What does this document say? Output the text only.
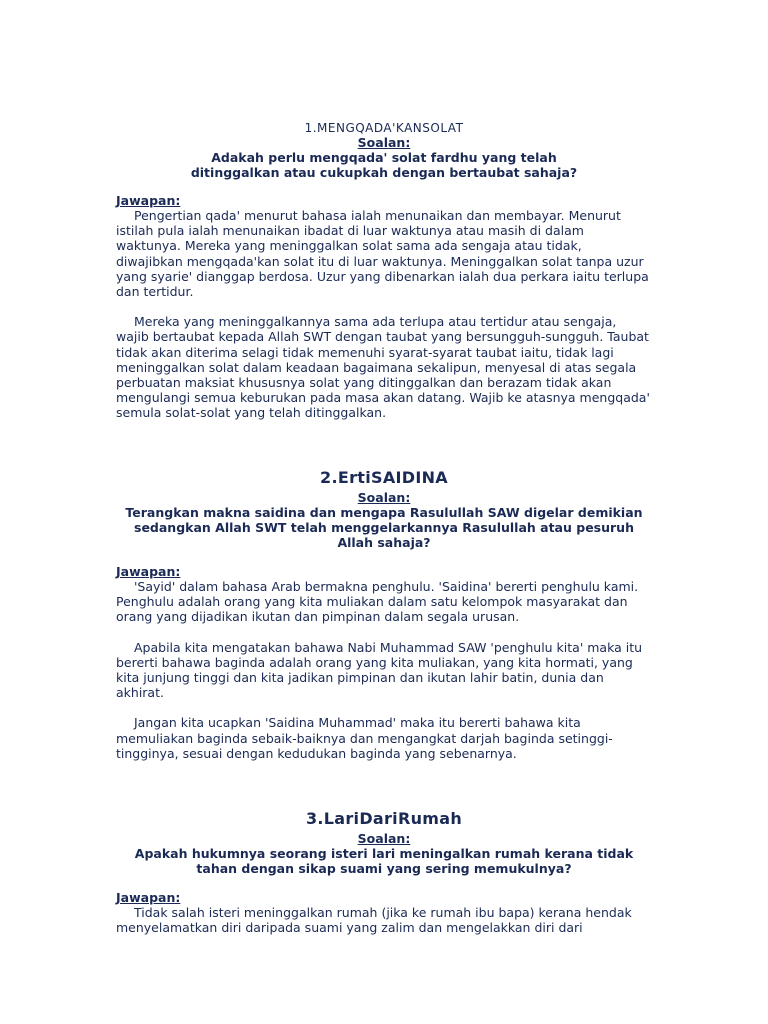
1.MENGQADA'KANSOLAT

Soalan:

Adakah perlu mengqada' solat fardhu yang telah ditinggalkan atau cukupkah dengan bertaubat sahaja?

Jawapan:

Pengertian qada' menurut bahasa ialah menunaikan dan membayar. Menurut istilah pula ialah menunaikan ibadat di luar waktunya atau masih di dalam waktunya. Mereka yang meninggalkan solat sama ada sengaja atau tidak, diwajibkan mengqada'kan solat itu di luar waktunya. Meninggalkan solat tanpa uzur yang syarie' dianggap berdosa. Uzur yang dibenarkan ialah dua perkara iaitu terlupa dan tertidur.

Mereka yang meninggalkannya sama ada terlupa atau tertidur atau sengaja, wajib bertaubat kepada Allah SWT dengan taubat yang bersungguh-sungguh. Taubat tidak akan diterima selagi tidak memenuhi syarat-syarat taubat iaitu, tidak lagi meninggalkan solat dalam keadaan bagaimana sekalipun, menyesal di atas segala perbuatan maksiat khususnya solat yang ditinggalkan dan berazam tidak akan mengulangi semua keburukan pada masa akan datang. Wajib ke atasnya mengqada' semula solat-solat yang telah ditinggalkan.

2.ErtiSAIDINA

Soalan:

Terangkan makna saidina dan mengapa Rasulullah SAW digelar demikian sedangkan Allah SWT telah menggelarkannya Rasulullah atau pesuruh Allah sahaja?

Jawapan:

'Sayid' dalam bahasa Arab bermakna penghulu. 'Saidina' bererti penghulu kami. Penghulu adalah orang yang kita muliakan dalam satu kelompok masyarakat dan orang yang dijadikan ikutan dan pimpinan dalam segala urusan.

Apabila kita mengatakan bahawa Nabi Muhammad SAW 'penghulu kita' maka itu bererti bahawa baginda adalah orang yang kita muliakan, yang kita hormati, yang kita junjung tinggi dan kita jadikan pimpinan dan ikutan lahir batin, dunia dan akhirat.

Jangan kita ucapkan 'Saidina Muhammad' maka itu bererti bahawa kita memuliakan baginda sebaik-baiknya dan mengangkat darjah baginda setinggi-tingginya, sesuai dengan kedudukan baginda yang sebenarnya.

3.LariDariRumah

Soalan:

Apakah hukumnya seorang isteri lari meningalkan rumah kerana tidak tahan dengan sikap suami yang sering memukulnya?

Jawapan:

Tidak salah isteri meninggalkan rumah (jika ke rumah ibu bapa) kerana hendak menyelamatkan diri daripada suami yang zalim dan mengelakkan diri dari
